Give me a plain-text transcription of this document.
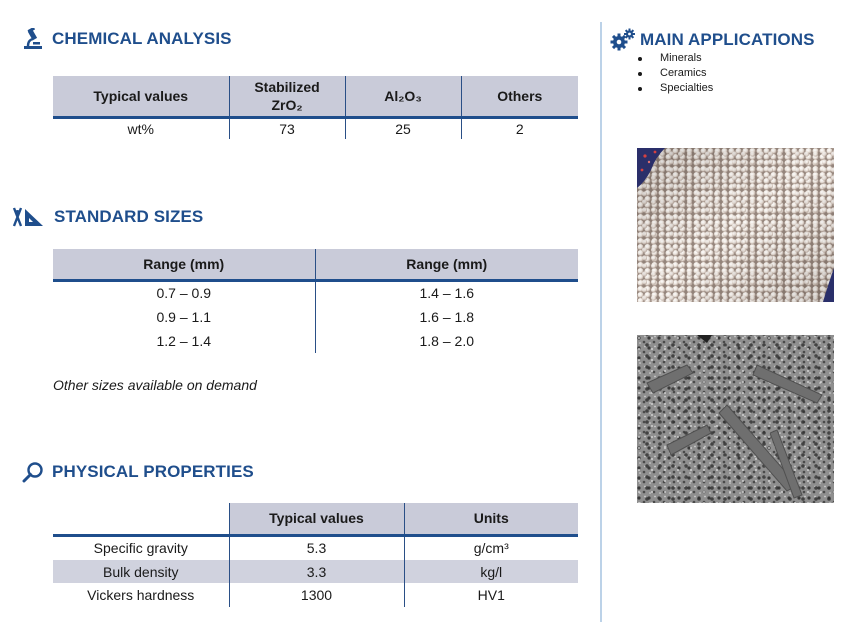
CHEMICAL ANALYSIS
Typical values	Stabilized ZrO₂	Al₂O₃	Others
wt%	73	25	2
STANDARD SIZES
Range (mm)	Range (mm)
0.7 – 0.9	1.4 – 1.6
0.9 – 1.1	1.6 – 1.8
1.2 – 1.4	1.8 – 2.0
Other sizes available on demand
PHYSICAL PROPERTIES
	Typical values	Units
Specific gravity	5.3	g/cm³
Bulk density	3.3	kg/l
Vickers hardness	1300	HV1
MAIN APPLICATIONS
Minerals
Ceramics
Specialties
